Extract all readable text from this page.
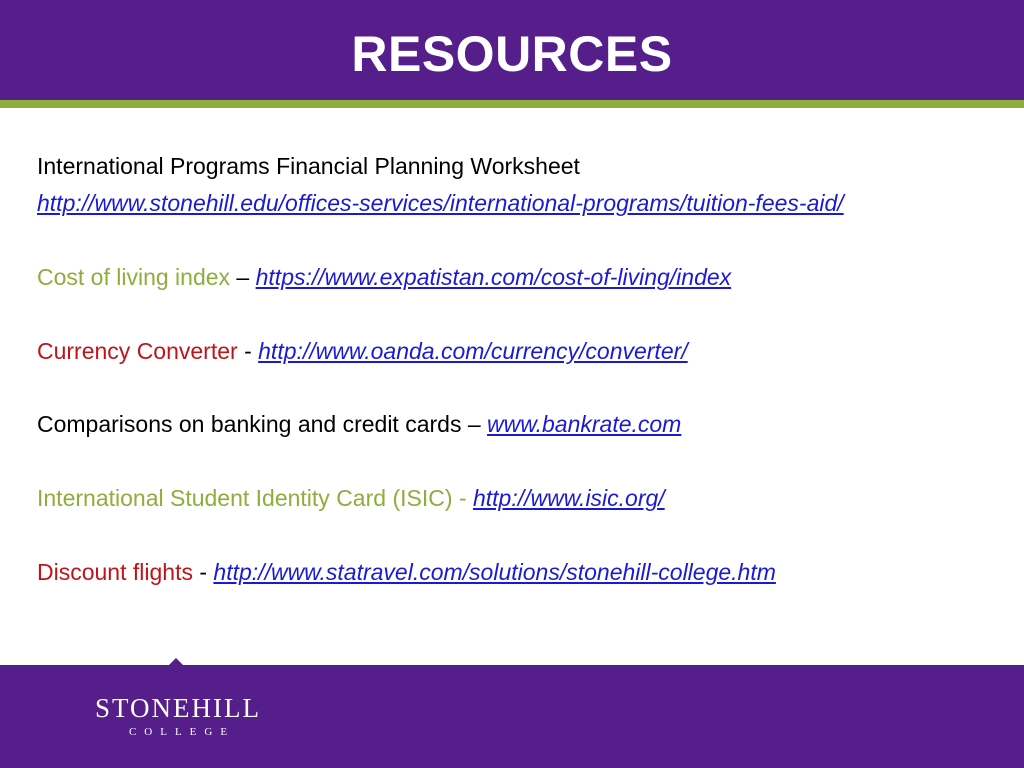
RESOURCES
International Programs Financial Planning Worksheet
http://www.stonehill.edu/offices-services/international-programs/tuition-fees-aid/
Cost of living index – https://www.expatistan.com/cost-of-living/index
Currency Converter - http://www.oanda.com/currency/converter/
Comparisons on banking and credit cards – www.bankrate.com
International Student Identity Card (ISIC) - http://www.isic.org/
Discount flights - http://www.statravel.com/solutions/stonehill-college.htm
STONEHILL
COLLEGE
